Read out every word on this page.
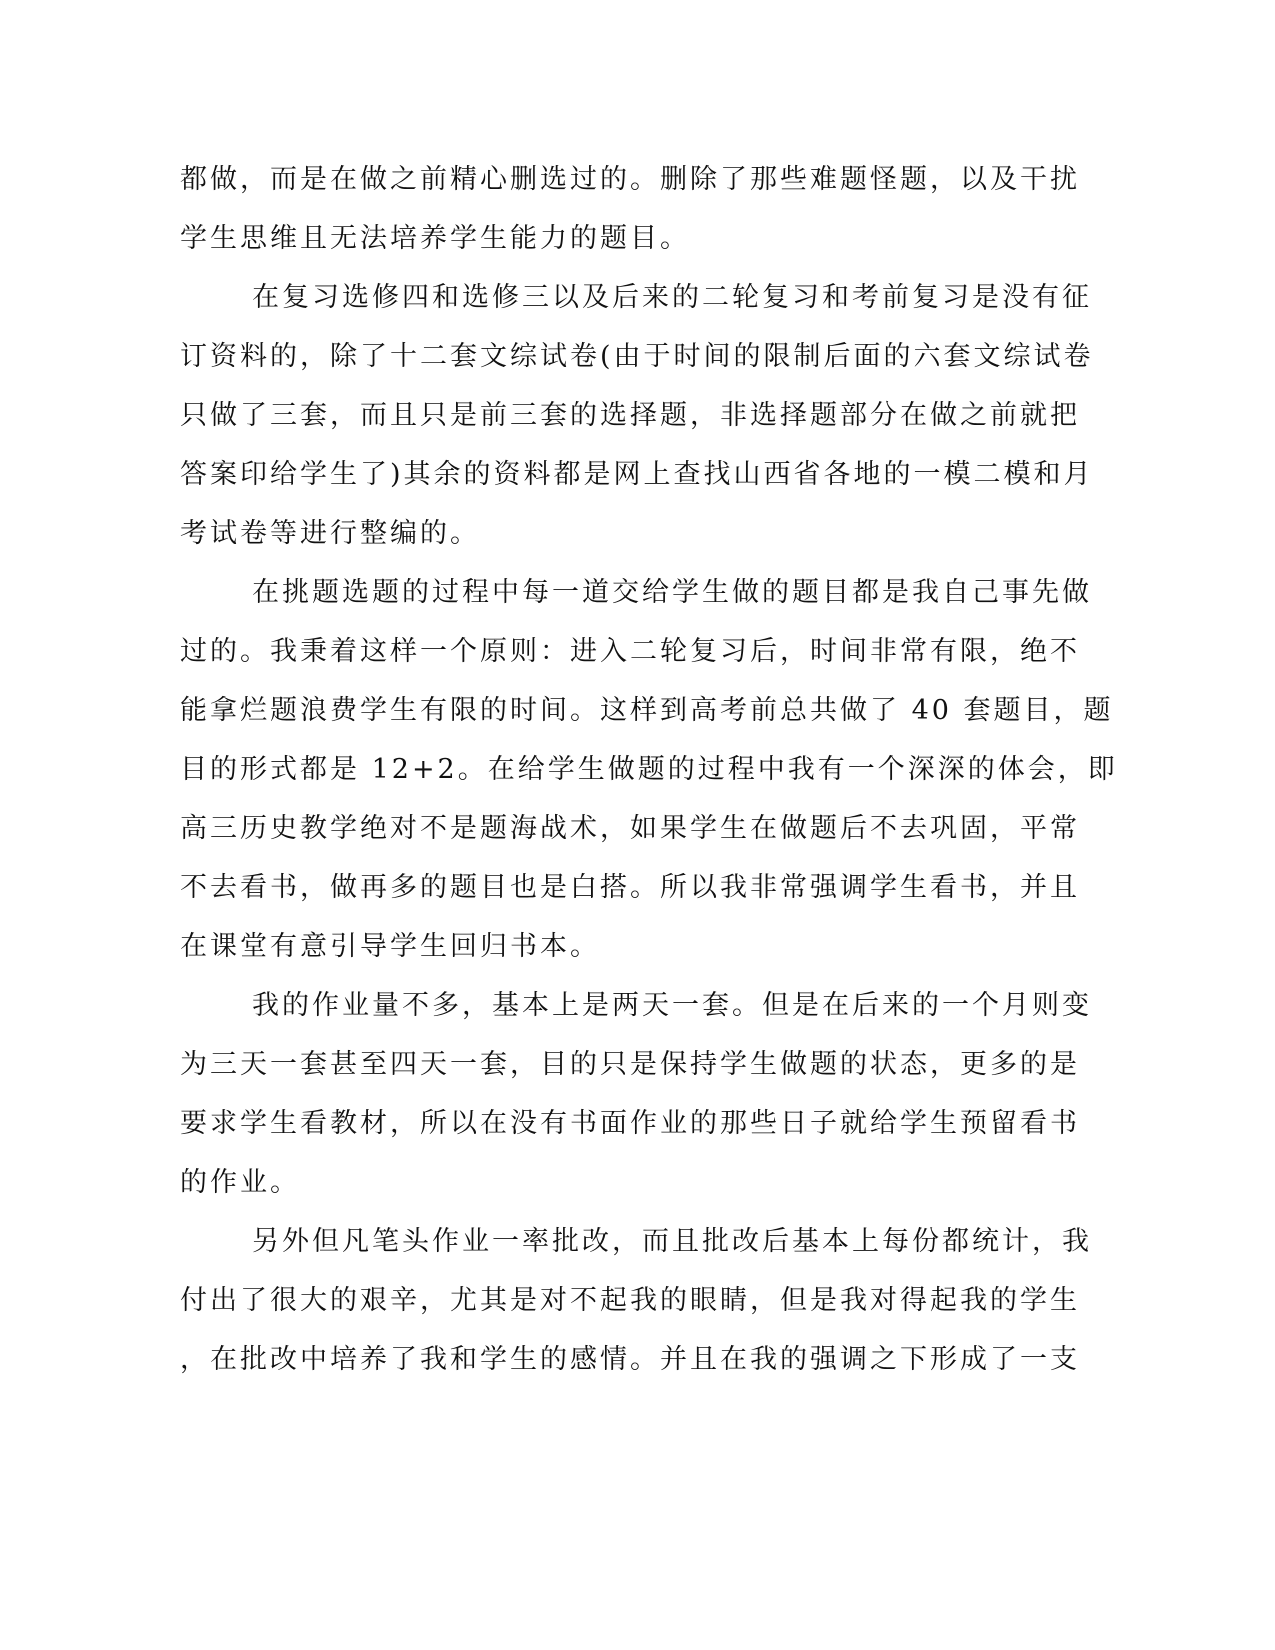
都做，而是在做之前精心删选过的。删除了那些难题怪题，以及干扰
学生思维且无法培养学生能力的题目。
在复习选修四和选修三以及后来的二轮复习和考前复习是没有征
订资料的，除了十二套文综试卷(由于时间的限制后面的六套文综试卷
只做了三套，而且只是前三套的选择题，非选择题部分在做之前就把
答案印给学生了)其余的资料都是网上查找山西省各地的一模二模和月
考试卷等进行整编的。
在挑题选题的过程中每一道交给学生做的题目都是我自己事先做
过的。我秉着这样一个原则：进入二轮复习后，时间非常有限，绝不
能拿烂题浪费学生有限的时间。这样到高考前总共做了 40 套题目，题
目的形式都是 12+2。在给学生做题的过程中我有一个深深的体会，即
高三历史教学绝对不是题海战术，如果学生在做题后不去巩固，平常
不去看书，做再多的题目也是白搭。所以我非常强调学生看书，并且
在课堂有意引导学生回归书本。
我的作业量不多，基本上是两天一套。但是在后来的一个月则变
为三天一套甚至四天一套，目的只是保持学生做题的状态，更多的是
要求学生看教材，所以在没有书面作业的那些日子就给学生预留看书
的作业。
另外但凡笔头作业一率批改，而且批改后基本上每份都统计，我
付出了很大的艰辛，尤其是对不起我的眼睛，但是我对得起我的学生
，在批改中培养了我和学生的感情。并且在我的强调之下形成了一支
